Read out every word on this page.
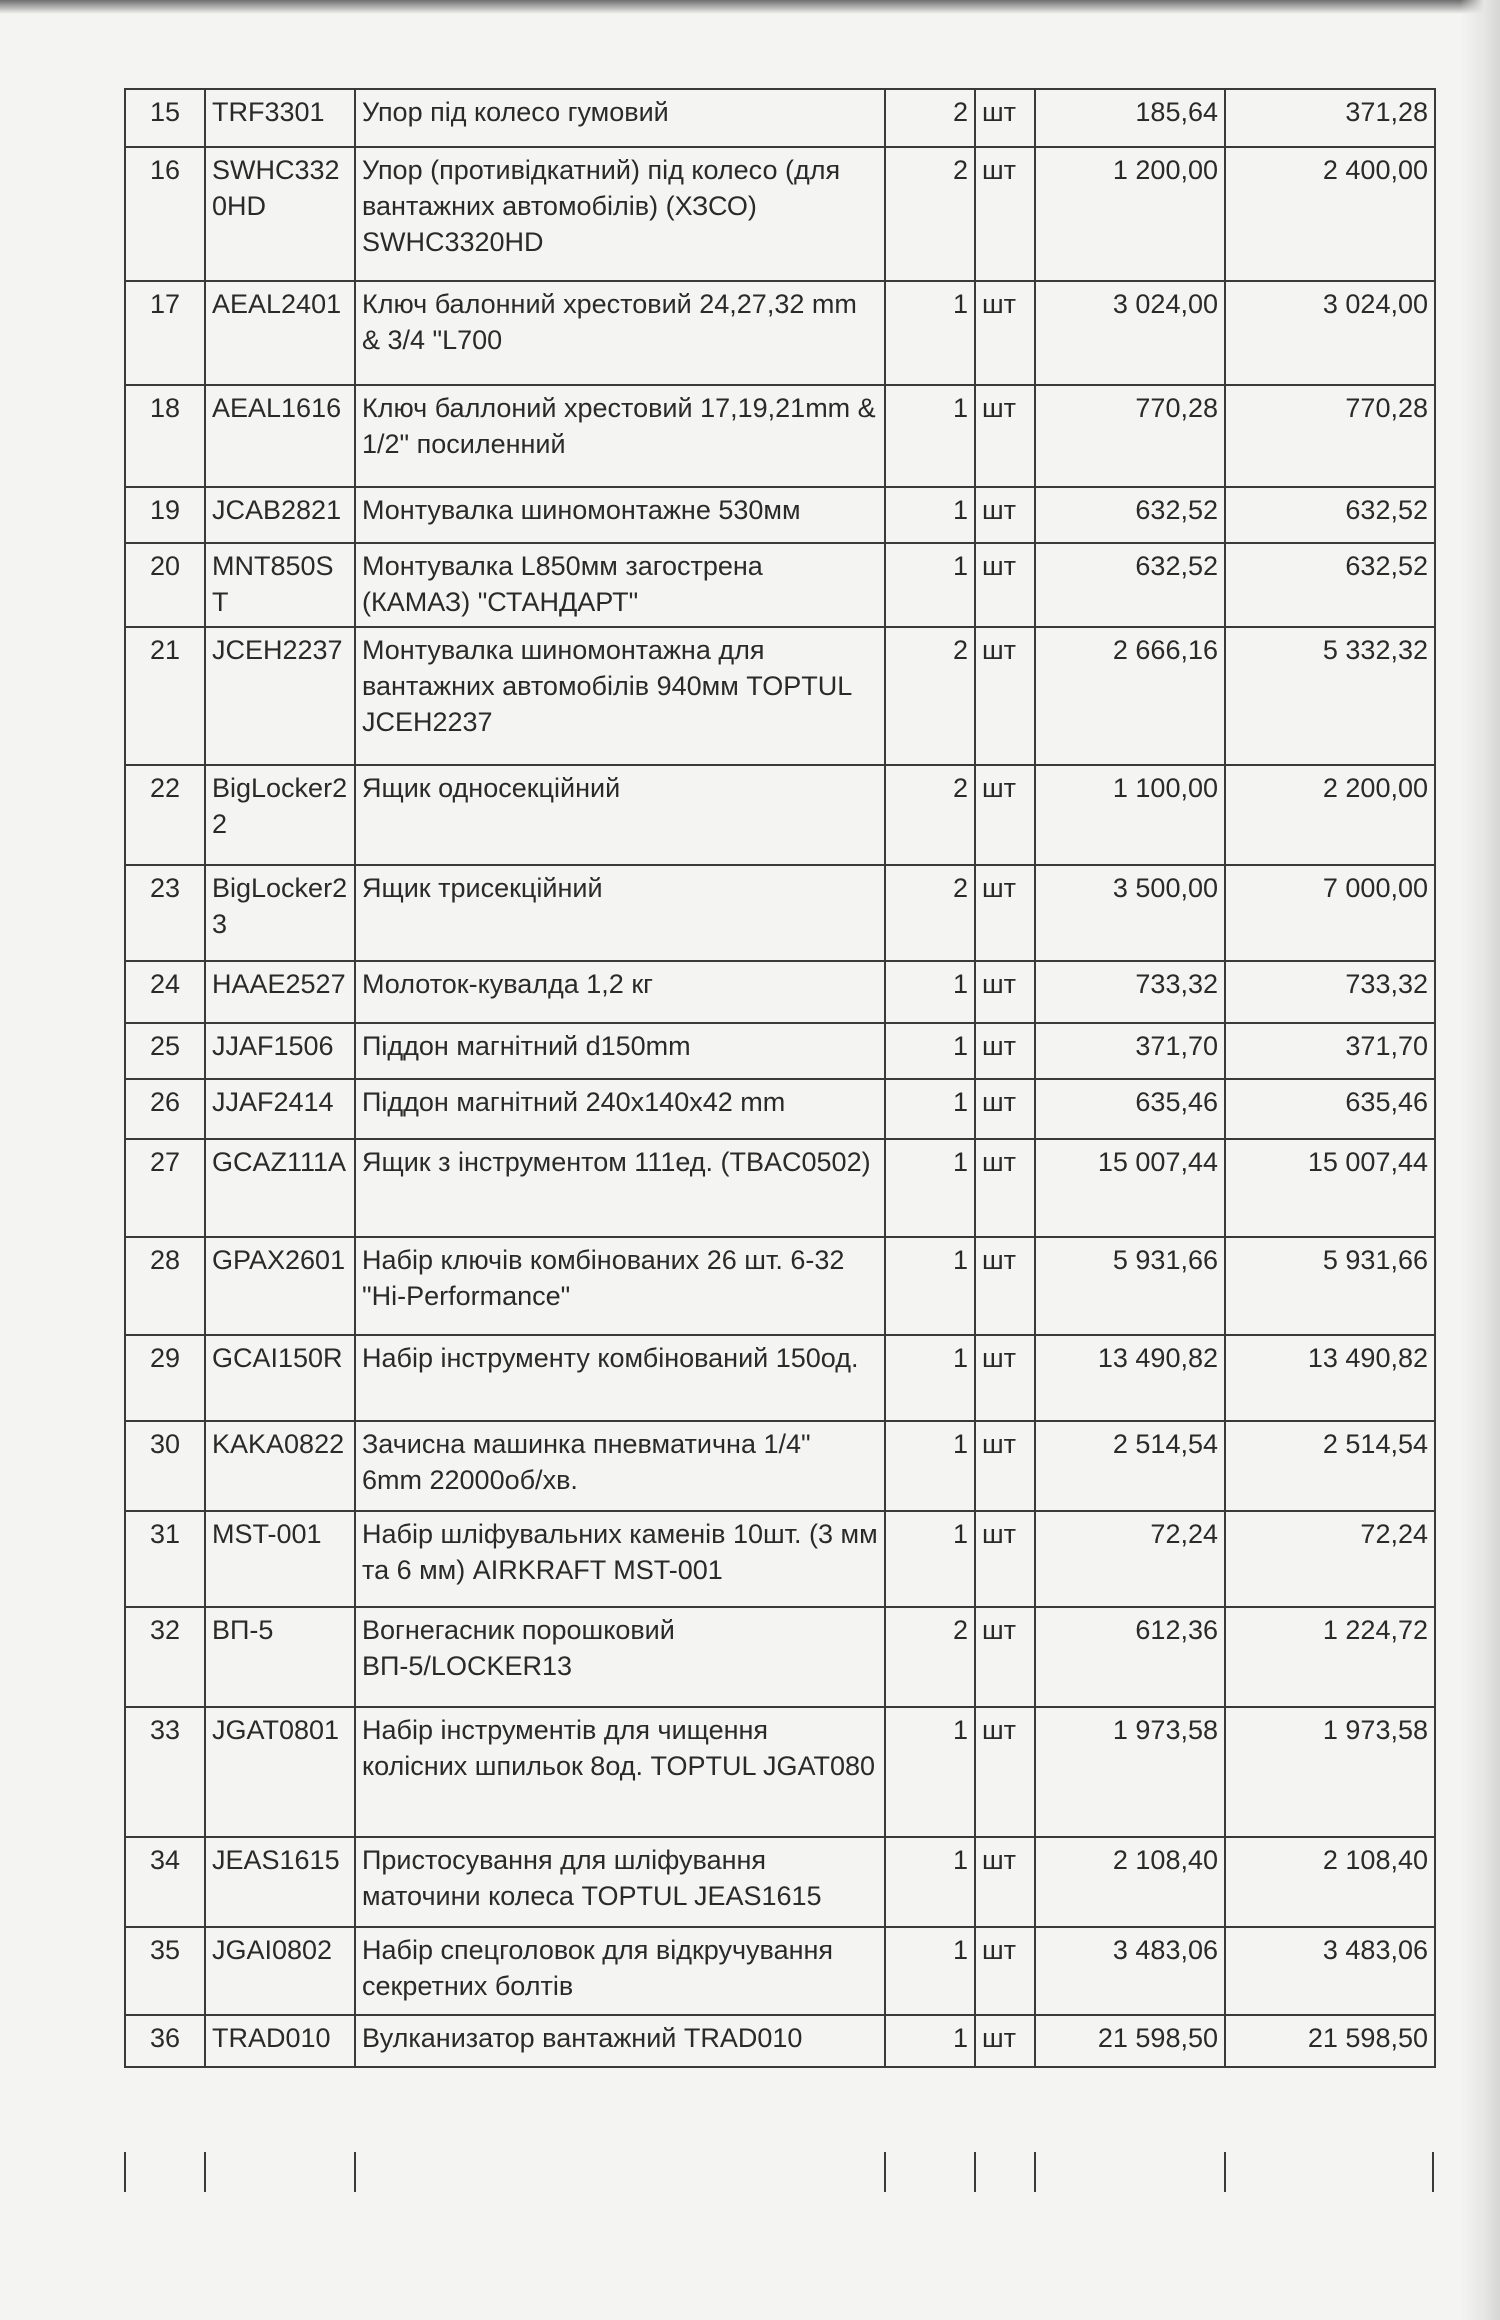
15	TRF3301	Упор під колесо гумовий	2	шт	185,64	371,28
16	SWHC3320HD	Упор (противідкатний) під колесо (для вантажних автомобілів) (ХЗСО) SWHC3320HD	2	шт	1 200,00	2 400,00
17	AEAL2401	Ключ балонний хрестовий 24,27,32 mm & 3/4 "L700	1	шт	3 024,00	3 024,00
18	AEAL1616	Ключ баллоний хрестовий 17,19,21mm & 1/2" посиленний	1	шт	770,28	770,28
19	JCAB2821	Монтувалка шиномонтажне 530мм	1	шт	632,52	632,52
20	MNT850ST	Монтувалка L850мм загострена (КАМАЗ) "СТАНДАРТ"	1	шт	632,52	632,52
21	JCEH2237	Монтувалка шиномонтажна для вантажних автомобілів 940мм TOPTUL JCEH2237	2	шт	2 666,16	5 332,32
22	BigLocker22	Ящик односекційний	2	шт	1 100,00	2 200,00
23	BigLocker23	Ящик трисекційний	2	шт	3 500,00	7 000,00
24	HAAE2527	Молоток-кувалда 1,2 кг	1	шт	733,32	733,32
25	JJAF1506	Піддон магнітний d150mm	1	шт	371,70	371,70
26	JJAF2414	Піддон магнітний 240x140x42 mm	1	шт	635,46	635,46
27	GCAZ111A	Ящик з інструментом 111ед. (TBAC0502)	1	шт	15 007,44	15 007,44
28	GPAX2601	Набір ключів комбінованих 26 шт. 6-32 "Hi-Performance"	1	шт	5 931,66	5 931,66
29	GCAI150R	Набір інструменту комбінований 150од.	1	шт	13 490,82	13 490,82
30	KAKA0822	Зачисна машинка пневматична 1/4" 6mm 22000об/хв.	1	шт	2 514,54	2 514,54
31	MST-001	Набір шліфувальних каменів 10шт. (3 мм та 6 мм) AIRKRAFT MST-001	1	шт	72,24	72,24
32	ВП-5	Вогнегасник порошковий ВП-5/LOCKER13	2	шт	612,36	1 224,72
33	JGAT0801	Набір інструментів для чищення колісних шпильок 8од. TOPTUL JGAT080	1	шт	1 973,58	1 973,58
34	JEAS1615	Пристосування для шліфування маточини колеса TOPTUL JEAS1615	1	шт	2 108,40	2 108,40
35	JGAI0802	Набір спецголовок для відкручування секретних болтів	1	шт	3 483,06	3 483,06
36	TRAD010	Вулканизатор вантажний TRAD010	1	шт	21 598,50	21 598,50
